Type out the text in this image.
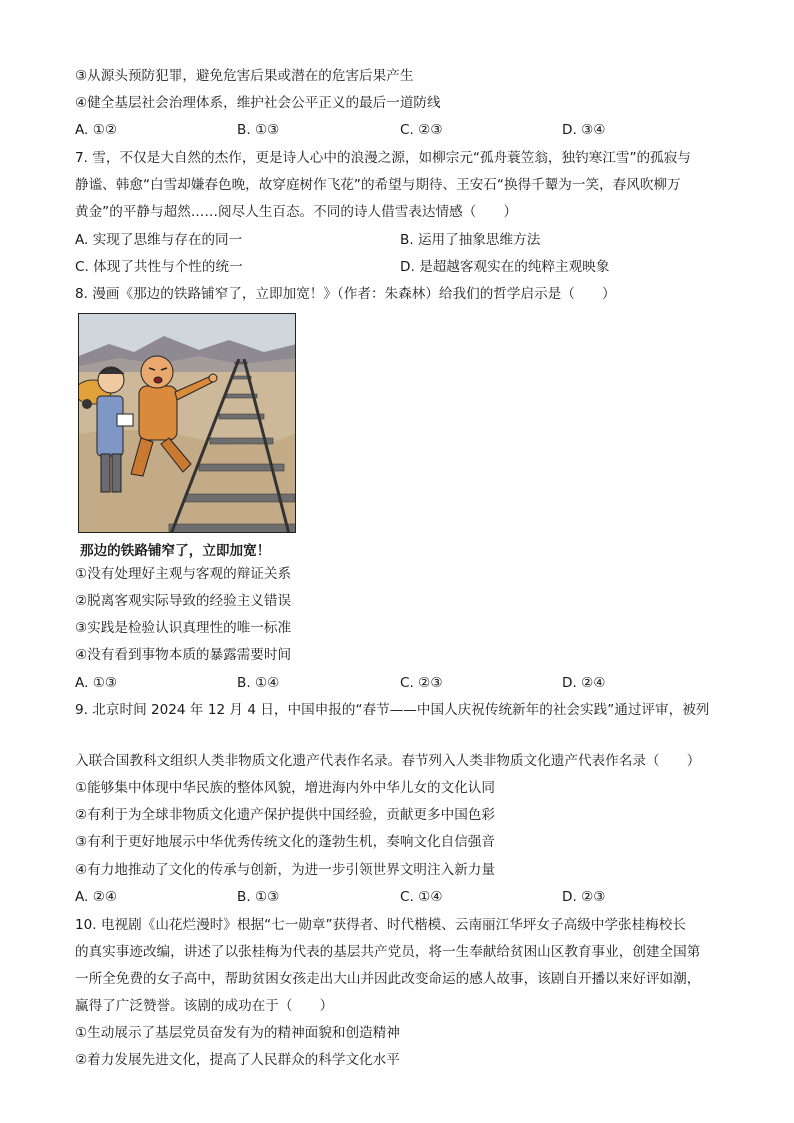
③从源头预防犯罪，避免危害后果或潜在的危害后果产生
④健全基层社会治理体系，维护社会公平正义的最后一道防线
A. ①②	B. ①③	C. ②③	D. ③④
7. 雪，不仅是大自然的杰作，更是诗人心中的浪漫之源，如柳宗元“孤舟蓑笠翁，独钓寒江雪”的孤寂与
静谧、韩愈“白雪却嫌春色晚，故穿庭树作飞花”的希望与期待、王安石“换得千颦为一笑，春风吹柳万
黄金”的平静与超然……阅尽人生百态。不同的诗人借雪表达情感（　　）
A. 实现了思维与存在的同一	B. 运用了抽象思维方法
C. 体现了共性与个性的统一	D. 是超越客观实在的纯粹主观映象
8. 漫画《那边的铁路铺窄了，立即加宽！》（作者：朱森林）给我们的哲学启示是（　　）
那边的铁路铺窄了，立即加宽！
①没有处理好主观与客观的辩证关系
②脱离客观实际导致的经验主义错误
③实践是检验认识真理性的唯一标准
④没有看到事物本质的暴露需要时间
A. ①③	B. ①④	C. ②③	D. ②④
9. 北京时间 2024 年 12 月 4 日，中国申报的“春节——中国人庆祝传统新年的社会实践”通过评审，被列
入联合国教科文组织人类非物质文化遗产代表作名录。春节列入人类非物质文化遗产代表作名录（　　）
①能够集中体现中华民族的整体风貌，增进海内外中华儿女的文化认同
②有利于为全球非物质文化遗产保护提供中国经验，贡献更多中国色彩
③有利于更好地展示中华优秀传统文化的蓬勃生机，奏响文化自信强音
④有力地推动了文化的传承与创新，为进一步引领世界文明注入新力量
A. ②④	B. ①③	C. ①④	D. ②③
10. 电视剧《山花烂漫时》根据“七一勋章”获得者、时代楷模、云南丽江华坪女子高级中学张桂梅校长
的真实事迹改编，讲述了以张桂梅为代表的基层共产党员，将一生奉献给贫困山区教育事业，创建全国第
一所全免费的女子高中，帮助贫困女孩走出大山并因此改变命运的感人故事，该剧自开播以来好评如潮，
赢得了广泛赞誉。该剧的成功在于（　　）
①生动展示了基层党员奋发有为的精神面貌和创造精神
②着力发展先进文化，提高了人民群众的科学文化水平
